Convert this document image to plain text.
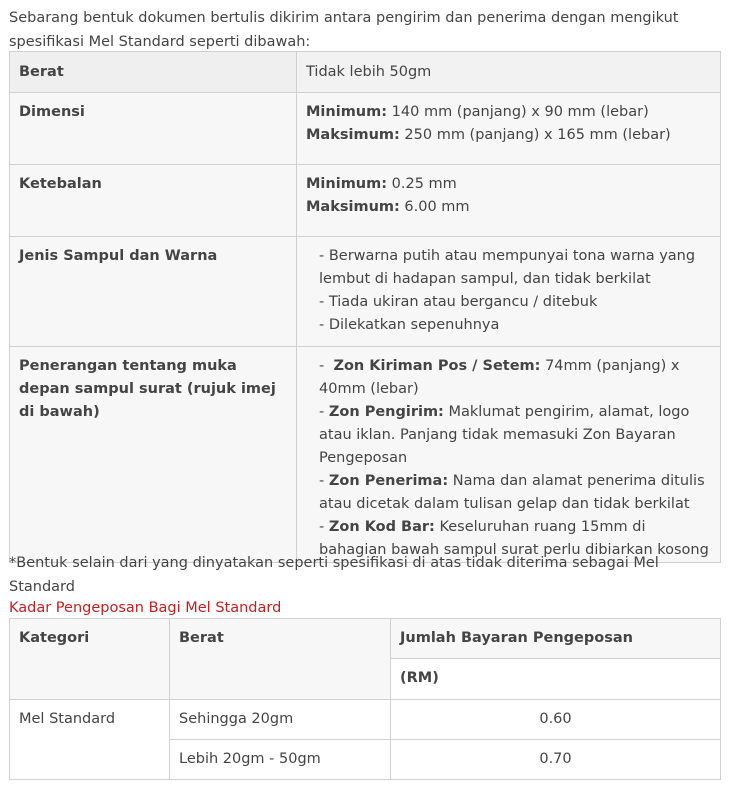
Sebarang bentuk dokumen bertulis dikirim antara pengirim dan penerima dengan mengikut spesifikasi Mel Standard seperti dibawah:
Berat	Tidak lebih 50gm
Dimensi	Minimum: 140 mm (panjang) x 90 mm (lebar)
Maksimum: 250 mm (panjang) x 165 mm (lebar)

Ketebalan	Minimum: 0.25 mm
Maksimum: 6.00 mm

Jenis Sampul dan Warna	- Berwarna putih atau mempunyai tona warna yang lembut di hadapan sampul, dan tidak berkilat
- Tiada ukiran atau bergancu / ditebuk
- Dilekatkan sepenuhnya

Penerangan tentang muka depan sampul surat (rujuk imej di bawah)	-  Zon Kiriman Pos / Setem: 74mm (panjang) x 40mm (lebar)
- Zon Pengirim: Maklumat pengirim, alamat, logo atau iklan. Panjang tidak memasuki Zon Bayaran Pengeposan
- Zon Penerima: Nama dan alamat penerima ditulis atau dicetak dalam tulisan gelap dan tidak berkilat
- Zon Kod Bar: Keseluruhan ruang 15mm di bahagian bawah sampul surat perlu dibiarkan kosong
*Bentuk selain dari yang dinyatakan seperti spesifikasi di atas tidak diterima sebagai Mel Standard
Kadar Pengeposan Bagi Mel Standard
Kategori	Berat	Jumlah Bayaran Pengeposan
		(RM)
Mel Standard	Sehingga 20gm	0.60
	Lebih 20gm - 50gm	0.70
